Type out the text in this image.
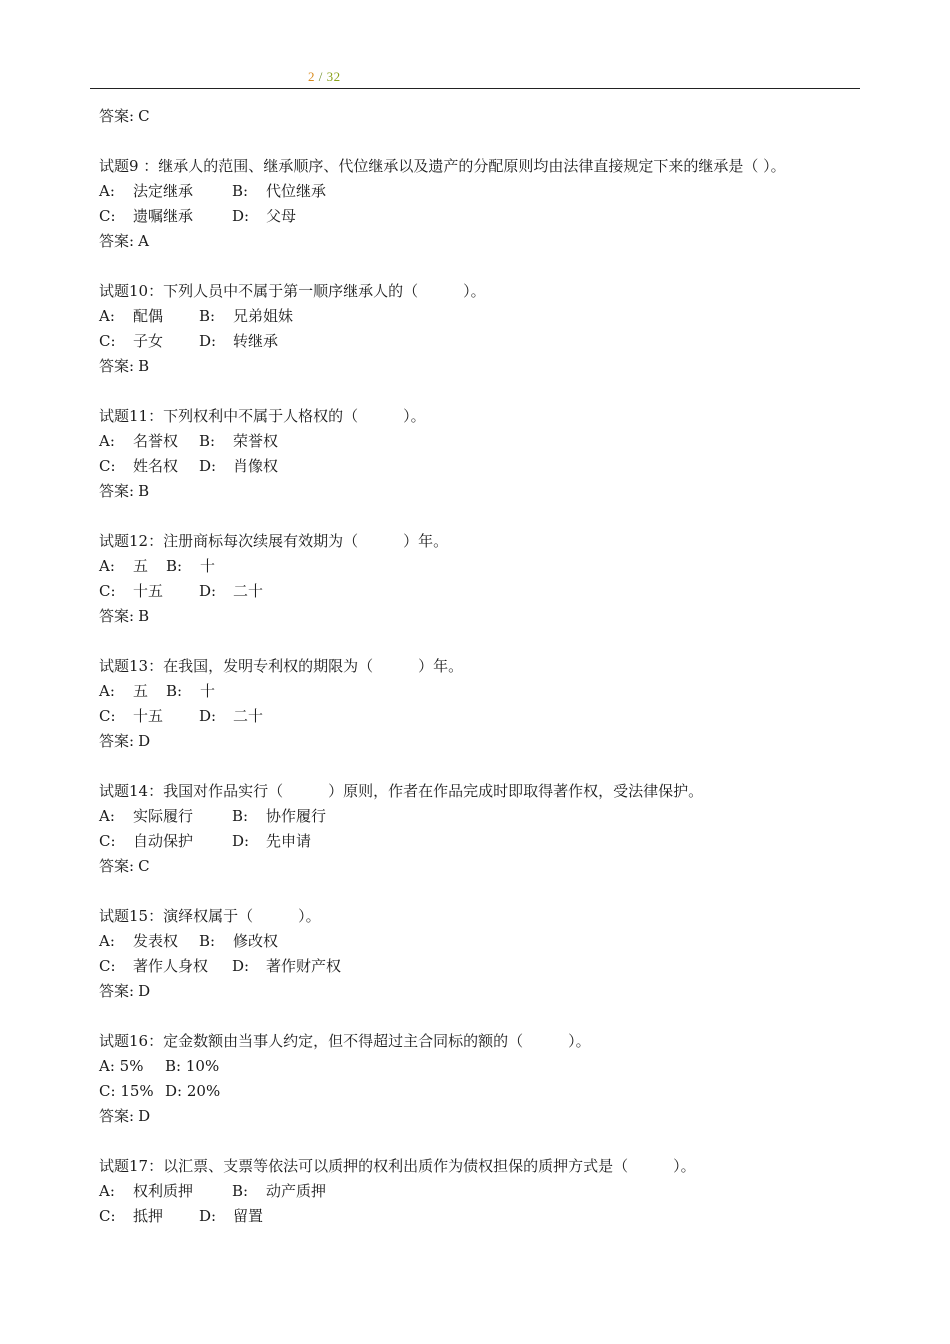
2 / 32
答案: C
试题9 ：继承人的范围、继承顺序、代位继承以及遗产的分配原则均由法律直接规定下来的继承是（ ）。
A: 法定继承	B: 代位继承
C: 遗嘱继承	D: 父母
答案: A
试题10：下列人员中不属于第一顺序继承人的（　　　）。
A: 配偶 B: 兄弟姐妹
C: 子女 D: 转继承
答案: B
试题11：下列权利中不属于人格权的（　　　）。
A: 名誉权 B: 荣誉权
C: 姓名权 D: 肖像权
答案: B
试题12：注册商标每次续展有效期为（　　　）年。
A: 五 B: 十
C: 十五 D: 二十
答案: B
试题13：在我国，发明专利权的期限为（　　　）年。
A: 五 B: 十
C: 十五 D: 二十
答案: D
试题14：我国对作品实行（　　　）原则，作者在作品完成时即取得著作权，受法律保护。
A: 实际履行	B: 协作履行
C: 自动保护	D: 先申请
答案: C
试题15：演绎权属于（　　　）。
A: 发表权 B: 修改权
C: 著作人身权 D: 著作财产权
答案: D
试题16：定金数额由当事人约定，但不得超过主合同标的额的（　　　）。
A: 5% B: 10%
C: 15% D: 20%
答案: D
试题17：以汇票、支票等依法可以质押的权利出质作为债权担保的质押方式是（　　　）。
A: 权利质押	B: 动产质押
C: 抵押 D: 留置
